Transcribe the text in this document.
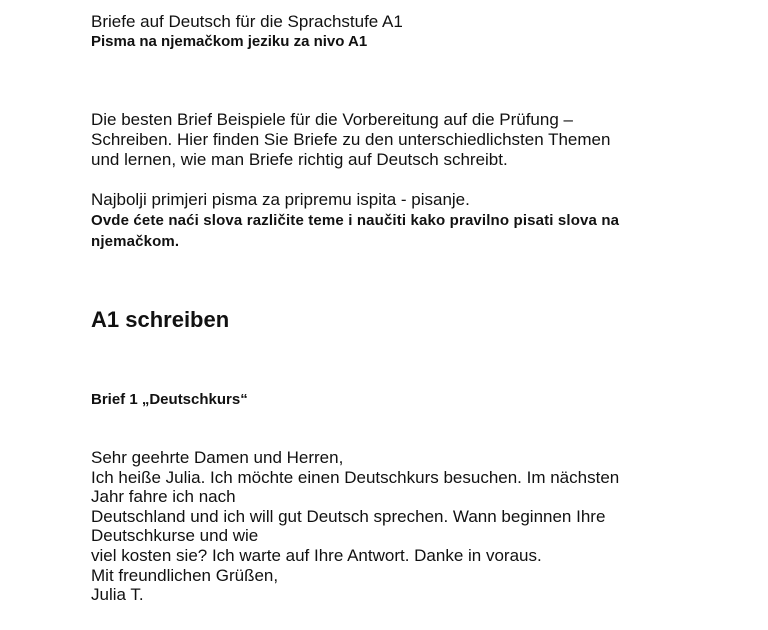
Briefe auf Deutsch für die Sprachstufe A1
Pisma na njemačkom jeziku za nivo A1
Die besten Brief Beispiele für die Vorbereitung auf die Prüfung –
Schreiben. Hier finden Sie Briefe zu den unterschiedlichsten Themen
und lernen, wie man Briefe richtig auf Deutsch schreibt.
Najbolji primjeri pisma za pripremu ispita - pisanje.
Ovde ćete naći slova različite teme i naučiti kako pravilno pisati slova na
njemačkom.
A1 schreiben
Brief 1 „Deutschkurs“
Sehr geehrte Damen und Herren,
Ich heiße Julia. Ich möchte einen Deutschkurs besuchen. Im nächsten
Jahr fahre ich nach
Deutschland und ich will gut Deutsch sprechen. Wann beginnen Ihre
Deutschkurse und wie
viel kosten sie? Ich warte auf Ihre Antwort. Danke in voraus.
Mit freundlichen Grüßen,
Julia T.
